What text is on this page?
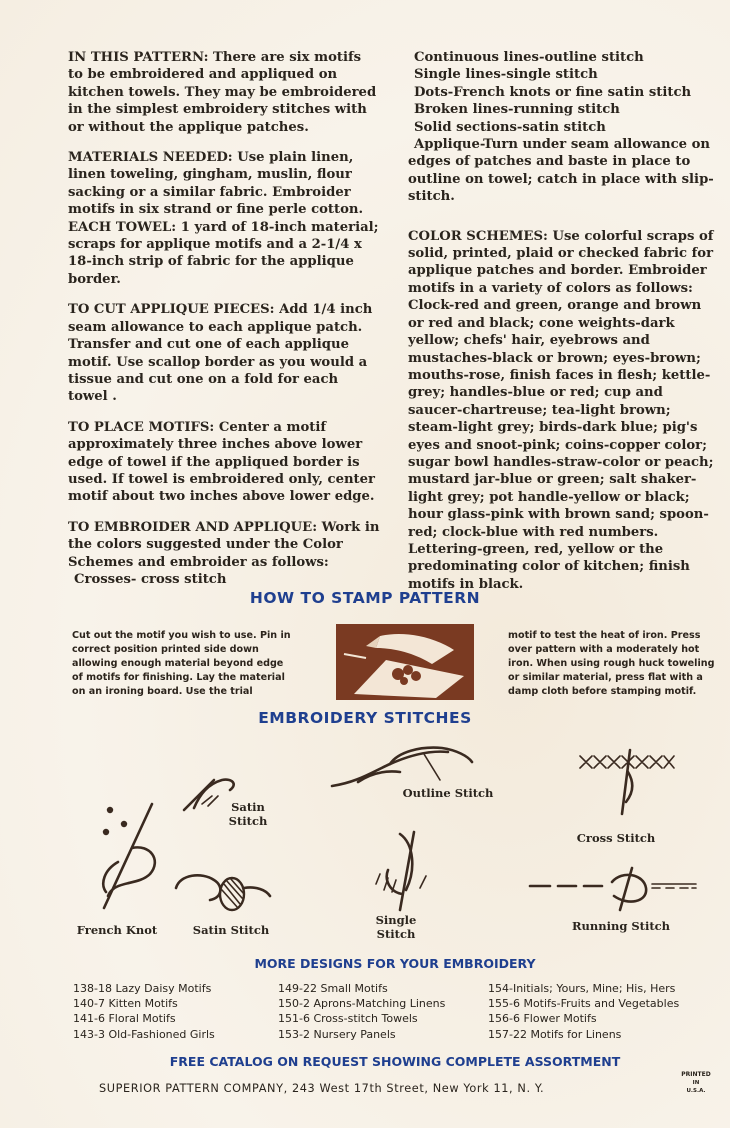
IN THIS PATTERN: There are six motifs to be embroidered and appliqued on kitchen towels. They may be embroidered in the simplest embroidery stitches with or without the applique patches.

MATERIALS NEEDED: Use plain linen, linen toweling, gingham, muslin, flour sacking or a similar fabric. Embroider motifs in six strand or fine perle cotton.

EACH TOWEL: 1 yard of 18-inch material; scraps for applique motifs and a 2-1/4 x 18-inch strip of fabric for the applique border.

TO CUT APPLIQUE PIECES: Add 1/4 inch seam allowance to each applique patch. Transfer and cut one of each applique motif. Use scallop border as you would a tissue and cut one on a fold for each towel .

TO PLACE MOTIFS: Center a motif approximately three inches above lower edge of towel if the appliqued border is used. If towel is embroidered only, center motif about two inches above lower edge.

TO EMBROIDER AND APPLIQUE: Work in the colors suggested under the Color Schemes and embroider as follows:

Crosses- cross stitch
Continuous lines-outline stitch
Single lines-single stitch
Dots-French knots or fine satin stitch
Broken lines-running stitch
Solid sections-satin stitch

Applique-Turn under seam allowance on edges of patches and baste in place to outline on towel; catch in place with slip-stitch.

COLOR SCHEMES: Use colorful scraps of solid, printed, plaid or checked fabric for applique patches and border. Embroider motifs in a variety of colors as follows:

Clock-red and green, orange and brown or red and black; cone weights-dark yellow; chefs' hair, eyebrows and mustaches-black or brown; eyes-brown; mouths-rose, finish faces in flesh; kettle-grey; handles-blue or red; cup and saucer-chartreuse; tea-light brown; steam-light grey; birds-dark blue; pig's eyes and snoot-pink; coins-copper color; sugar bowl handles-straw-color or peach; mustard jar-blue or green; salt shaker-light grey; pot handle-yellow or black; hour glass-pink with brown sand; spoon-red; clock-blue with red numbers. Lettering-green, red, yellow or the predominating color of kitchen; finish motifs in black.

HOW TO STAMP PATTERN
Cut out the motif you wish to use. Pin in correct position printed side down allowing enough material beyond edge of motifs for finishing. Lay the material on an ironing board. Use the trial
motif to test the heat of iron. Press over pattern with a moderately hot iron. When using rough huck toweling or similar material, press flat with a damp cloth before stamping motif.
EMBROIDERY STITCHES
Satin Stitch
Outline Stitch
Cross Stitch
French Knot	Satin Stitch
Single Stitch
Running Stitch
MORE DESIGNS FOR YOUR EMBROIDERY
138-18 Lazy Daisy Motifs
140-7 Kitten Motifs
141-6 Floral Motifs
143-3 Old-Fashioned Girls
149-22 Small Motifs
150-2 Aprons-Matching Linens
151-6 Cross-stitch Towels
153-2 Nursery Panels
154-Initials; Yours, Mine; His, Hers
155-6 Motifs-Fruits and Vegetables
156-6 Flower Motifs
157-22 Motifs for Linens
FREE CATALOG ON REQUEST SHOWING COMPLETE ASSORTMENT
SUPERIOR PATTERN COMPANY, 243 West 17th Street, New York 11, N. Y.
PRINTED
IN
U.S.A.
